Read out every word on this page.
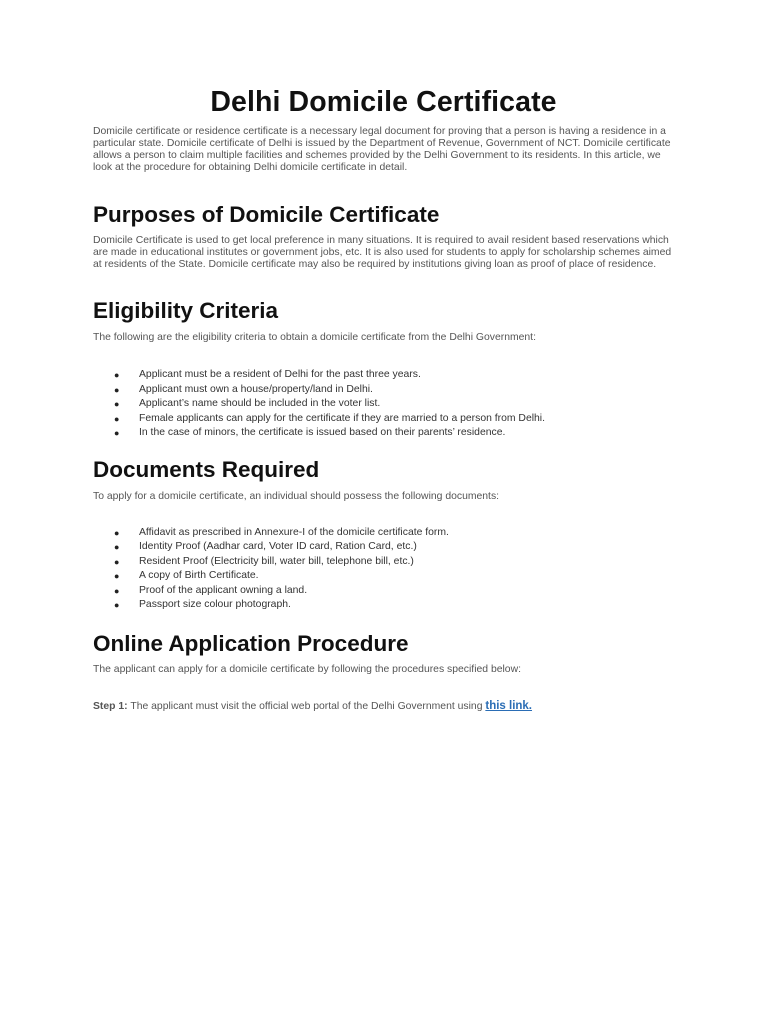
Delhi Domicile Certificate

Domicile certificate or residence certificate is a necessary legal document for proving that a person is having a residence in a particular state. Domicile certificate of Delhi is issued by the Department of Revenue, Government of NCT. Domicile certificate allows a person to claim multiple facilities and schemes provided by the Delhi Government to its residents. In this article, we look at the procedure for obtaining Delhi domicile certificate in detail.

Purposes of Domicile Certificate

Domicile Certificate is used to get local preference in many situations. It is required to avail resident based reservations which are made in educational institutes or government jobs, etc. It is also used for students to apply for scholarship schemes aimed at residents of the State. Domicile certificate may also be required by institutions giving loan as proof of place of residence.

Eligibility Criteria

The following are the eligibility criteria to obtain a domicile certificate from the Delhi Government:

● Applicant must be a resident of Delhi for the past three years.
● Applicant must own a house/property/land in Delhi.
● Applicant’s name should be included in the voter list.
● Female applicants can apply for the certificate if they are married to a person from Delhi.
● In the case of minors, the certificate is issued based on their parents’ residence.
Documents Required

To apply for a domicile certificate, an individual should possess the following documents:

● Affidavit as prescribed in Annexure-I of the domicile certificate form.
● Identity Proof (Aadhar card, Voter ID card, Ration Card, etc.)
● Resident Proof (Electricity bill, water bill, telephone bill, etc.)
● A copy of Birth Certificate.
● Proof of the applicant owning a land.
● Passport size colour photograph.
Online Application Procedure

The applicant can apply for a domicile certificate by following the procedures specified below:

Step 1: The applicant must visit the official web portal of the Delhi Government using this link.
